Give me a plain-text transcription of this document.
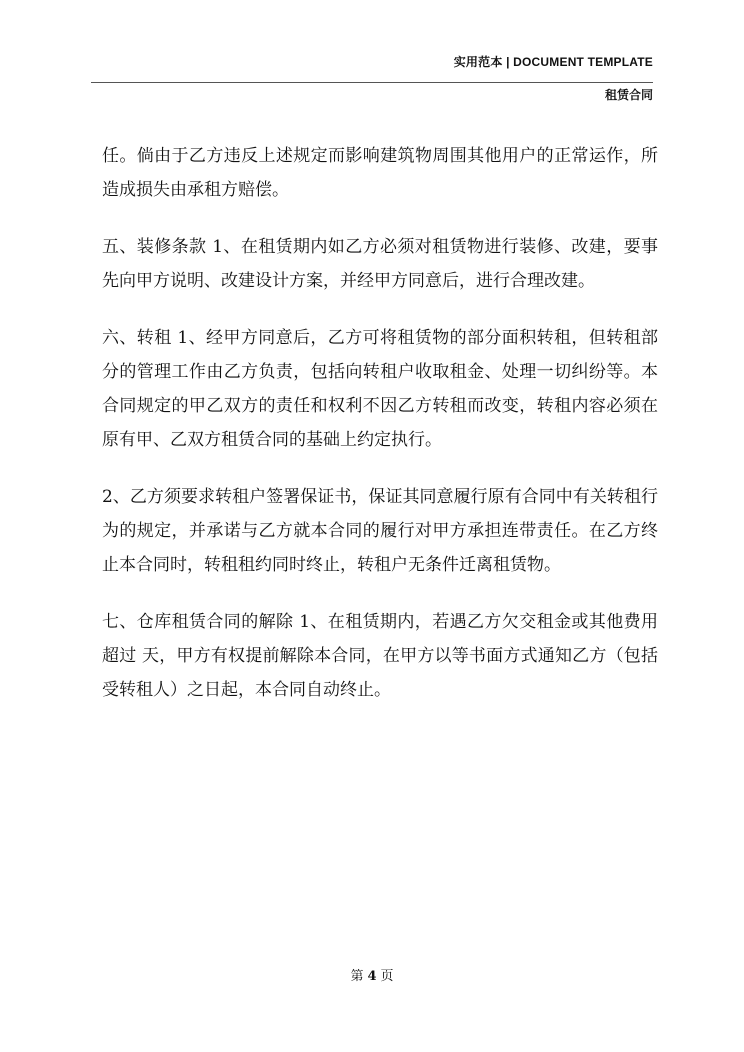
实用范本 | DOCUMENT TEMPLATE
租赁合同

任。倘由于乙方违反上述规定而影响建筑物周围其他用户的正常运作，所造成损失由承租方赔偿。

五、装修条款 1、在租赁期内如乙方必须对租赁物进行装修、改建，要事先向甲方说明、改建设计方案，并经甲方同意后，进行合理改建。

六、转租 1、经甲方同意后，乙方可将租赁物的部分面积转租，但转租部分的管理工作由乙方负责，包括向转租户收取租金、处理一切纠纷等。本合同规定的甲乙双方的责任和权利不因乙方转租而改变，转租内容必须在原有甲、乙双方租赁合同的基础上约定执行。

2、乙方须要求转租户签署保证书，保证其同意履行原有合同中有关转租行为的规定，并承诺与乙方就本合同的履行对甲方承担连带责任。在乙方终止本合同时，转租租约同时终止，转租户无条件迁离租赁物。

七、仓库租赁合同的解除 1、在租赁期内，若遇乙方欠交租金或其他费用超过 天，甲方有权提前解除本合同，在甲方以等书面方式通知乙方（包括受转租人）之日起，本合同自动终止。

第 4 页
